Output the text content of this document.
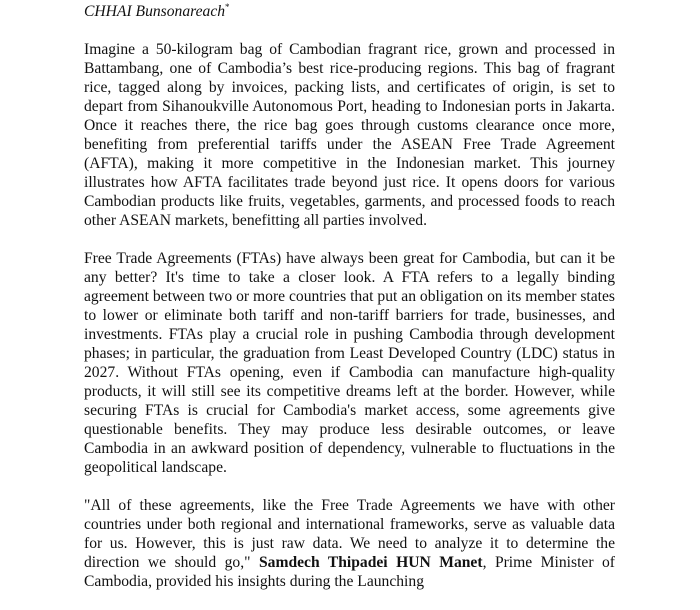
CHHAI Bunsonareach*

Imagine a 50-kilogram bag of Cambodian fragrant rice, grown and processed in Battambang, one of Cambodia’s best rice-producing regions. This bag of fragrant rice, tagged along by invoices, packing lists, and certificates of origin, is set to depart from Sihanoukville Autonomous Port, heading to Indonesian ports in Jakarta. Once it reaches there, the rice bag goes through customs clearance once more, benefiting from preferential tariffs under the ASEAN Free Trade Agreement (AFTA), making it more competitive in the Indonesian market. This journey illustrates how AFTA facilitates trade beyond just rice. It opens doors for various Cambodian products like fruits, vegetables, garments, and processed foods to reach other ASEAN markets, benefitting all parties involved.

Free Trade Agreements (FTAs) have always been great for Cambodia, but can it be any better? It's time to take a closer look. A FTA refers to a legally binding agreement between two or more countries that put an obligation on its member states to lower or eliminate both tariff and non-tariff barriers for trade, businesses, and investments. FTAs play a crucial role in pushing Cambodia through development phases; in particular, the graduation from Least Developed Country (LDC) status in 2027. Without FTAs opening, even if Cambodia can manufacture high-quality products, it will still see its competitive dreams left at the border. However, while securing FTAs is crucial for Cambodia's market access, some agreements give questionable benefits. They may produce less desirable outcomes, or leave Cambodia in an awkward position of dependency, vulnerable to fluctuations in the geopolitical landscape.

"All of these agreements, like the Free Trade Agreements we have with other countries under both regional and international frameworks, serve as valuable data for us. However, this is just raw data. We need to analyze it to determine the direction we should go," Samdech Thipadei HUN Manet, Prime Minister of Cambodia, provided his insights during the Launching
